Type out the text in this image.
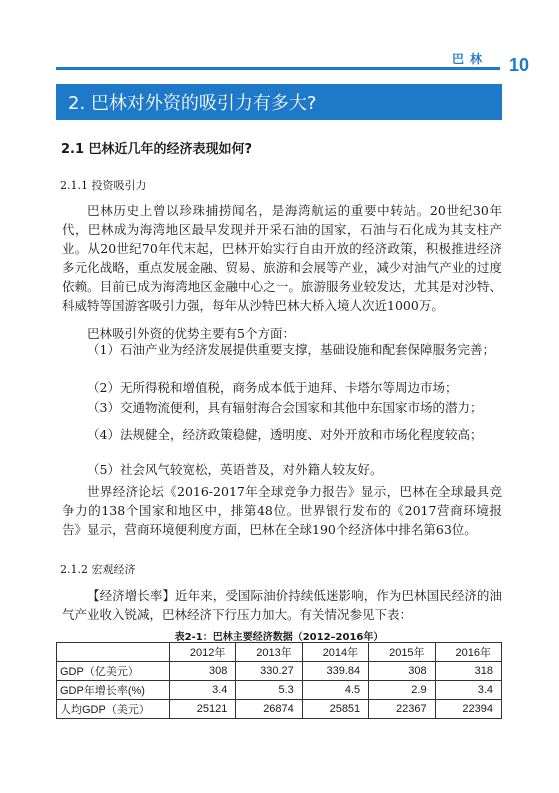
巴林 10
2. 巴林对外资的吸引力有多大?
2.1 巴林近几年的经济表现如何?
2.1.1 投资吸引力

巴林历史上曾以珍珠捕捞闻名，是海湾航运的重要中转站。20世纪30年代，巴林成为海湾地区最早发现并开采石油的国家，石油与石化成为其支柱产业。从20世纪70年代末起，巴林开始实行自由开放的经济政策，积极推进经济多元化战略，重点发展金融、贸易、旅游和会展等产业，减少对油气产业的过度依赖。目前已成为海湾地区金融中心之一。旅游服务业较发达，尤其是对沙特、科威特等国游客吸引力强，每年从沙特巴林大桥入境人次近1000万。

巴林吸引外资的优势主要有5个方面：

（1）石油产业为经济发展提供重要支撑，基础设施和配套保障服务完善；

（2）无所得税和增值税，商务成本低于迪拜、卡塔尔等周边市场；

（3）交通物流便利，具有辐射海合会国家和其他中东国家市场的潜力；

（4）法规健全，经济政策稳健，透明度、对外开放和市场化程度较高；

（5）社会风气较宽松，英语普及，对外籍人较友好。

世界经济论坛《2016-2017年全球竞争力报告》显示，巴林在全球最具竞争力的138个国家和地区中，排第48位。世界银行发布的《2017营商环境报告》显示，营商环境便利度方面，巴林在全球190个经济体中排名第63位。

2.1.2 宏观经济

【经济增长率】近年来，受国际油价持续低迷影响，作为巴林国民经济的油气产业收入锐减，巴林经济下行压力加大。有关情况参见下表：

表2-1：巴林主要经济数据（2012–2016年）
	2012年	2013年	2014年	2015年	2016年
GDP（亿美元）	308	330.27	339.84	308	318
GDP年增长率(%)	3.4	5.3	4.5	2.9	3.4
人均GDP（美元）	25121	26874	25851	22367	22394
